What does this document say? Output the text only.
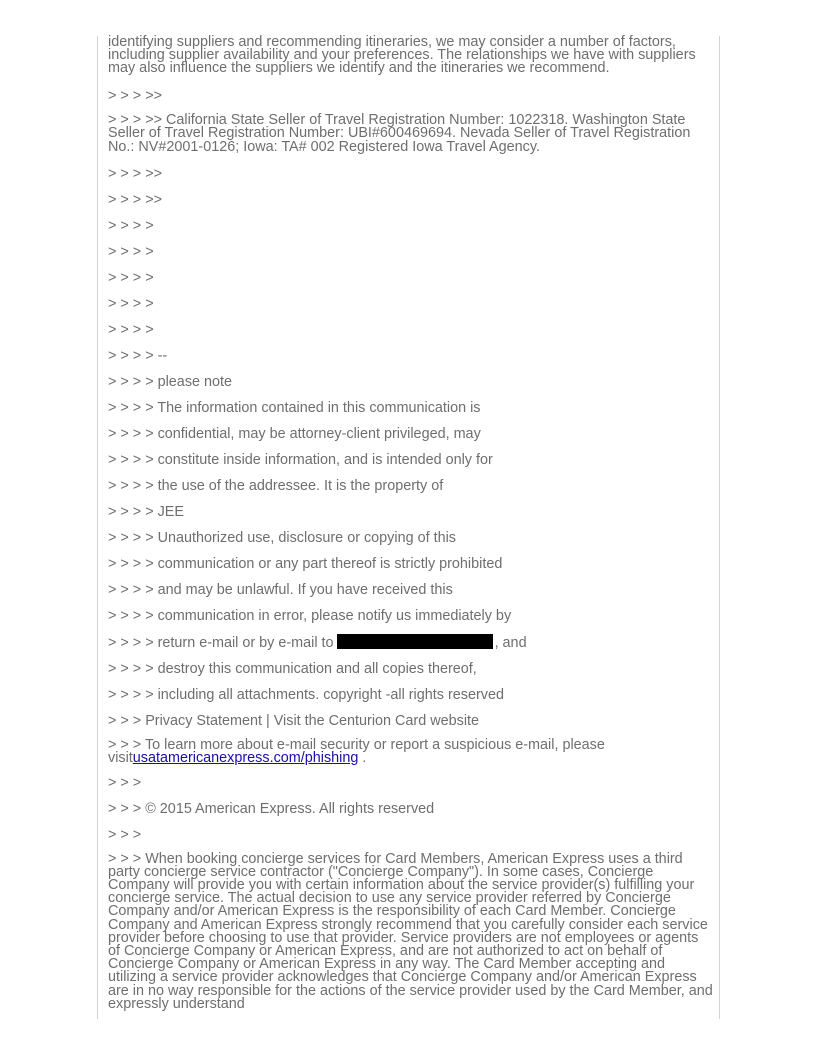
identifying suppliers and recommending itineraries, we may consider a number of factors, including supplier availability and your preferences. The relationships we have with suppliers may also influence the suppliers we identify and the itineraries we recommend.

> > > >>

> > > >> California State Seller of Travel Registration Number: 1022318. Washington State Seller of Travel Registration Number: UBI#600469694. Nevada Seller of Travel Registration No.: NV#2001-0126; Iowa: TA# 002 Registered Iowa Travel Agency.

> > > >>

> > > >>

> > > >

> > > >

> > > >

> > > >

> > > >

> > > > --

> > > > please note

> > > > The information contained in this communication is

> > > > confidential, may be attorney-client privileged, may

> > > > constitute inside information, and is intended only for

> > > > the use of the addressee. It is the property of

> > > > JEE

> > > > Unauthorized use, disclosure or copying of this

> > > > communication or any part thereof is strictly prohibited

> > > > and may be unlawful. If you have received this

> > > > communication in error, please notify us immediately by

> > > > return e-mail or by e-mail to	, and

> > > > destroy this communication and all copies thereof,

> > > > including all attachments. copyright -all rights reserved

> > > Privacy Statement | Visit the Centurion Card website

> > > To learn more about e-mail security or report a suspicious e-mail, please visitusatamericanexpress.com/phishing .

> > >

> > > © 2015 American Express. All rights reserved

> > >

> > > When booking concierge services for Card Members, American Express uses a third party concierge service contractor ("Concierge Company"). In some cases, Concierge Company will provide you with certain information about the service provider(s) fulfilling your concierge service. The actual decision to use any service provider referred by Concierge Company and/or American Express is the responsibility of each Card Member. Concierge Company and American Express strongly recommend that you carefully consider each service provider before choosing to use that provider. Service providers are not employees or agents of Concierge Company or American Express, and are not authorized to act on behalf of Concierge Company or American Express in any way. The Card Member accepting and utilizing a service provider acknowledges that Concierge Company and/or American Express are in no way responsible for the actions of the service provider used by the Card Member, and expressly understand
